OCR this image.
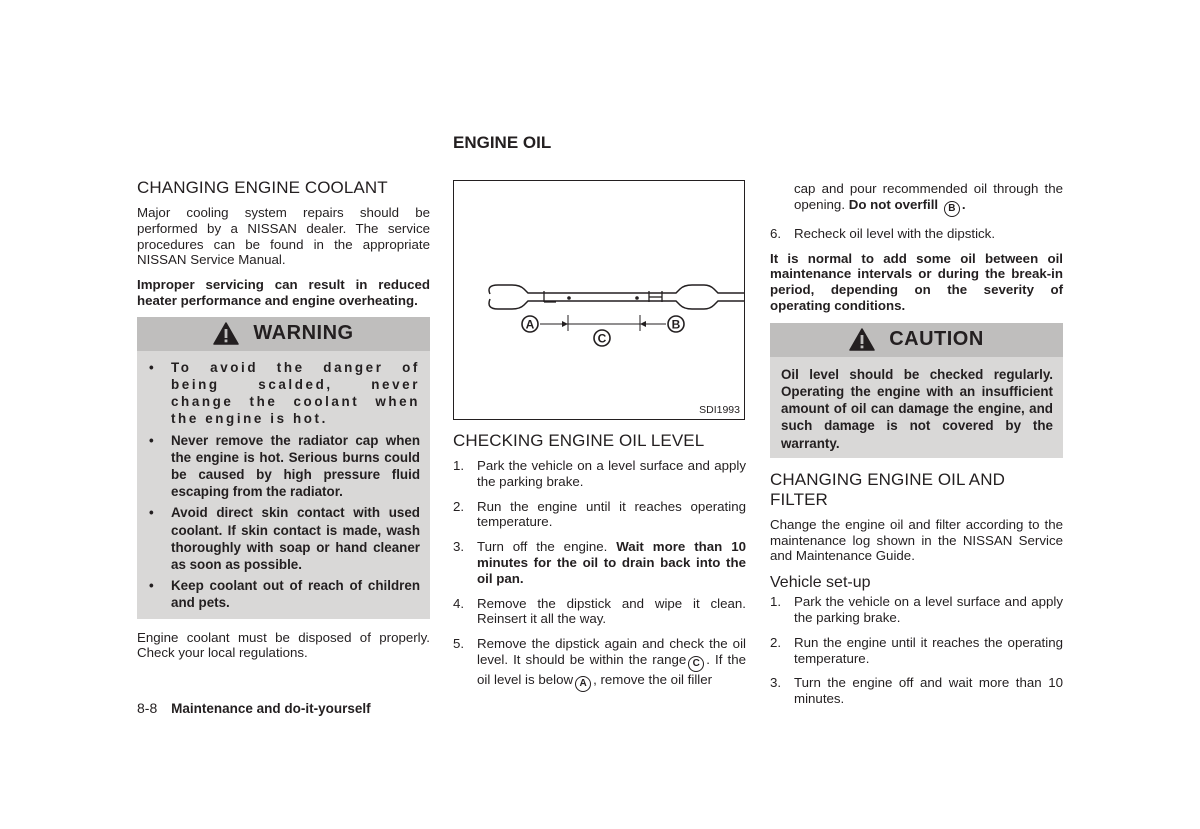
ENGINE OIL
CHANGING ENGINE COOLANT

Major cooling system repairs should be performed by a NISSAN dealer. The service procedures can be found in the appropriate NISSAN Service Manual.

Improper servicing can result in reduced heater performance and engine overheating.

WARNING
• To avoid the danger of being scalded, never change the coolant when the engine is hot.
• Never remove the radiator cap when the engine is hot. Serious burns could be caused by high pressure fluid escaping from the radiator.
• Avoid direct skin contact with used coolant. If skin contact is made, wash thoroughly with soap or hand cleaner as soon as possible.
• Keep coolant out of reach of children and pets.

Engine coolant must be disposed of properly. Check your local regulations.

8-8 Maintenance and do-it-yourself
A	B
C
SDI1993
CHECKING ENGINE OIL LEVEL
1. Park the vehicle on a level surface and apply the parking brake.
2. Run the engine until it reaches operating temperature.
3. Turn off the engine. Wait more than 10 minutes for the oil to drain back into the oil pan.
4. Remove the dipstick and wipe it clean. Reinsert it all the way.
5. Remove the dipstick again and check the oil level. It should be within the range C . If the oil level is below A , remove the oil filler

cap and pour recommended oil through the opening. Do not overfill B .

6. Recheck oil level with the dipstick.

It is normal to add some oil between oil maintenance intervals or during the break-in period, depending on the severity of operating conditions.

CAUTION

Oil level should be checked regularly. Operating the engine with an insufficient amount of oil can damage the engine, and such damage is not covered by the warranty.

CHANGING ENGINE OIL AND FILTER

Change the engine oil and filter according to the maintenance log shown in the NISSAN Service and Maintenance Guide.

Vehicle set-up
1. Park the vehicle on a level surface and apply the parking brake.
2. Run the engine until it reaches the operating temperature.
3. Turn the engine off and wait more than 10 minutes.
